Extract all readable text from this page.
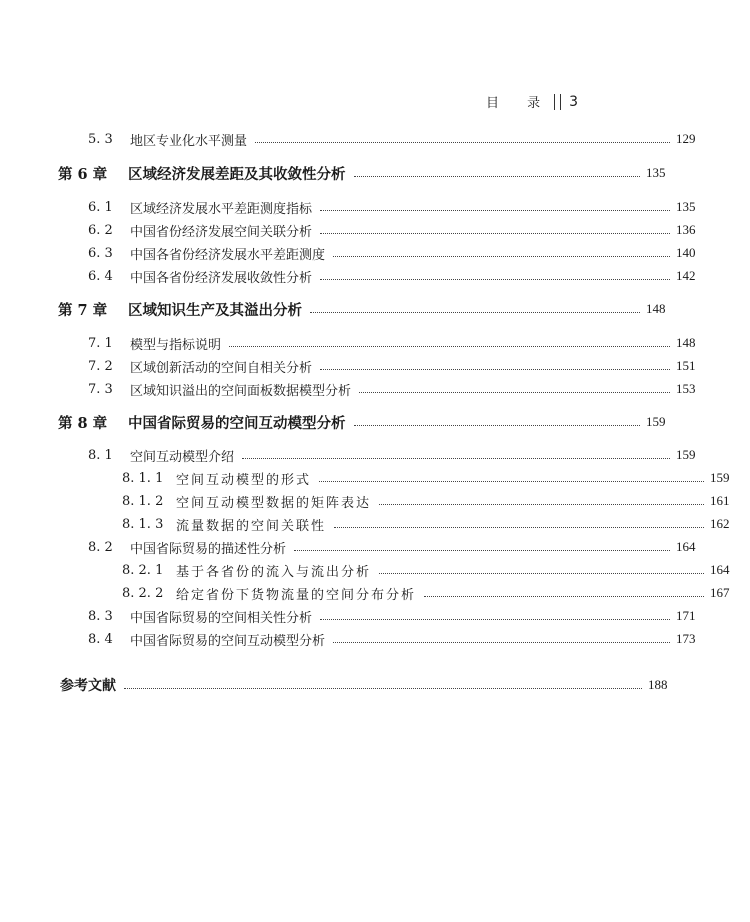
目 录 3
5. 3	地区专业化水平测量	129
第 6 章	区域经济发展差距及其收敛性分析	135
6. 1	区域经济发展水平差距测度指标	135
6. 2	中国省份经济发展空间关联分析	136
6. 3	中国各省份经济发展水平差距测度	140
6. 4	中国各省份经济发展收敛性分析	142
第 7 章	区域知识生产及其溢出分析	148
7. 1	模型与指标说明	148
7. 2	区域创新活动的空间自相关分析	151
7. 3	区域知识溢出的空间面板数据模型分析	153
第 8 章	中国省际贸易的空间互动模型分析	159
8. 1	空间互动模型介绍	159
8. 1. 1 空间互动模型的形式	159
8. 1. 2 空间互动模型数据的矩阵表达	161
8. 1. 3 流量数据的空间关联性	162
8. 2	中国省际贸易的描述性分析	164
8. 2. 1 基于各省份的流入与流出分析	164
8. 2. 2 给定省份下货物流量的空间分布分析	167
8. 3	中国省际贸易的空间相关性分析	171
8. 4	中国省际贸易的空间互动模型分析	173
参考文献	188
